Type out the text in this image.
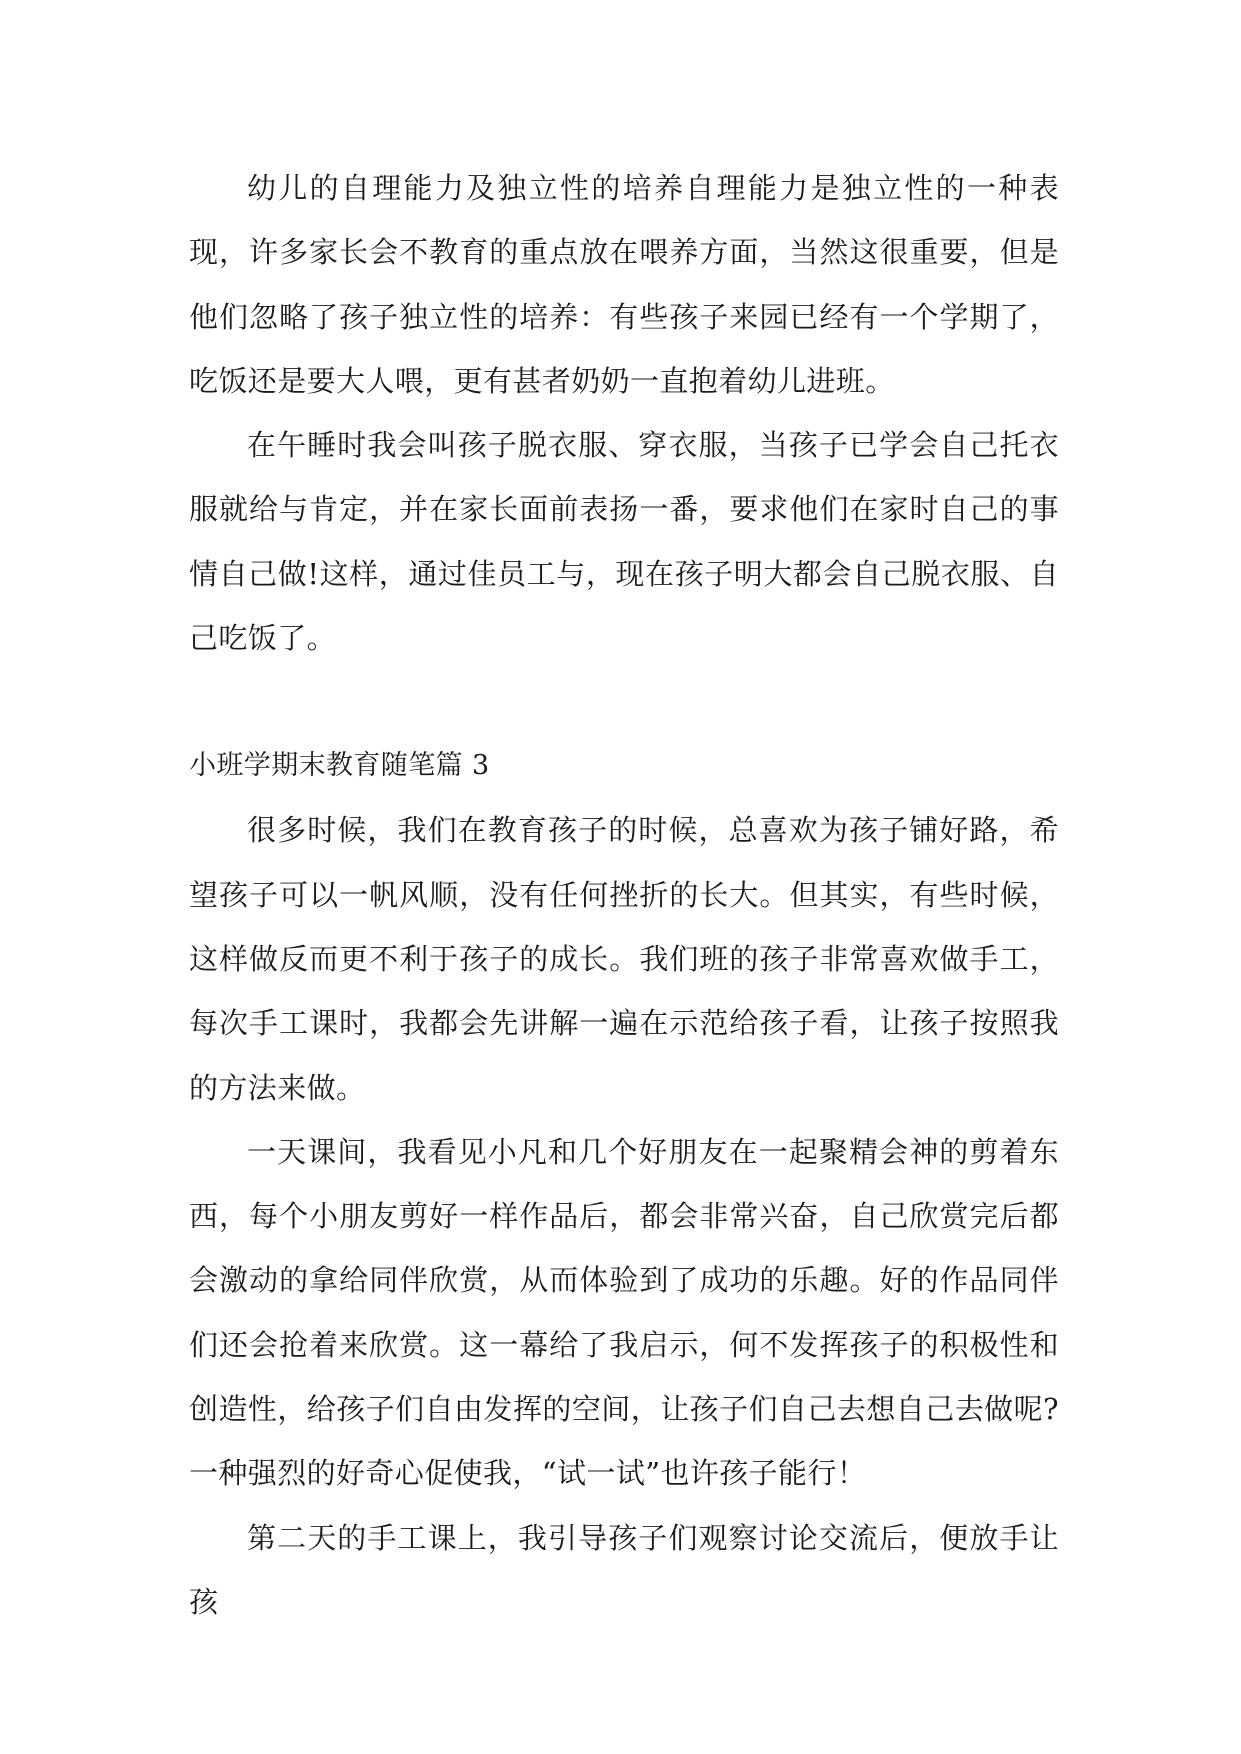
幼儿的自理能力及独立性的培养自理能力是独立性的一种表现，许多家长会不教育的重点放在喂养方面，当然这很重要，但是他们忽略了孩子独立性的培养：有些孩子来园已经有一个学期了，吃饭还是要大人喂，更有甚者奶奶一直抱着幼儿进班。

在午睡时我会叫孩子脱衣服、穿衣服，当孩子已学会自己托衣服就给与肯定，并在家长面前表扬一番，要求他们在家时自己的事情自己做!这样，通过佳员工与，现在孩子明大都会自己脱衣服、自己吃饭了。

小班学期末教育随笔篇 3

很多时候，我们在教育孩子的时候，总喜欢为孩子铺好路，希望孩子可以一帆风顺，没有任何挫折的长大。但其实，有些时候，这样做反而更不利于孩子的成长。我们班的孩子非常喜欢做手工，每次手工课时，我都会先讲解一遍在示范给孩子看，让孩子按照我的方法来做。

一天课间，我看见小凡和几个好朋友在一起聚精会神的剪着东西，每个小朋友剪好一样作品后，都会非常兴奋，自己欣赏完后都会激动的拿给同伴欣赏，从而体验到了成功的乐趣。好的作品同伴们还会抢着来欣赏。这一幕给了我启示，何不发挥孩子的积极性和创造性，给孩子们自由发挥的空间，让孩子们自己去想自己去做呢?一种强烈的好奇心促使我，“试一试”也许孩子能行！

第二天的手工课上，我引导孩子们观察讨论交流后，便放手让孩
